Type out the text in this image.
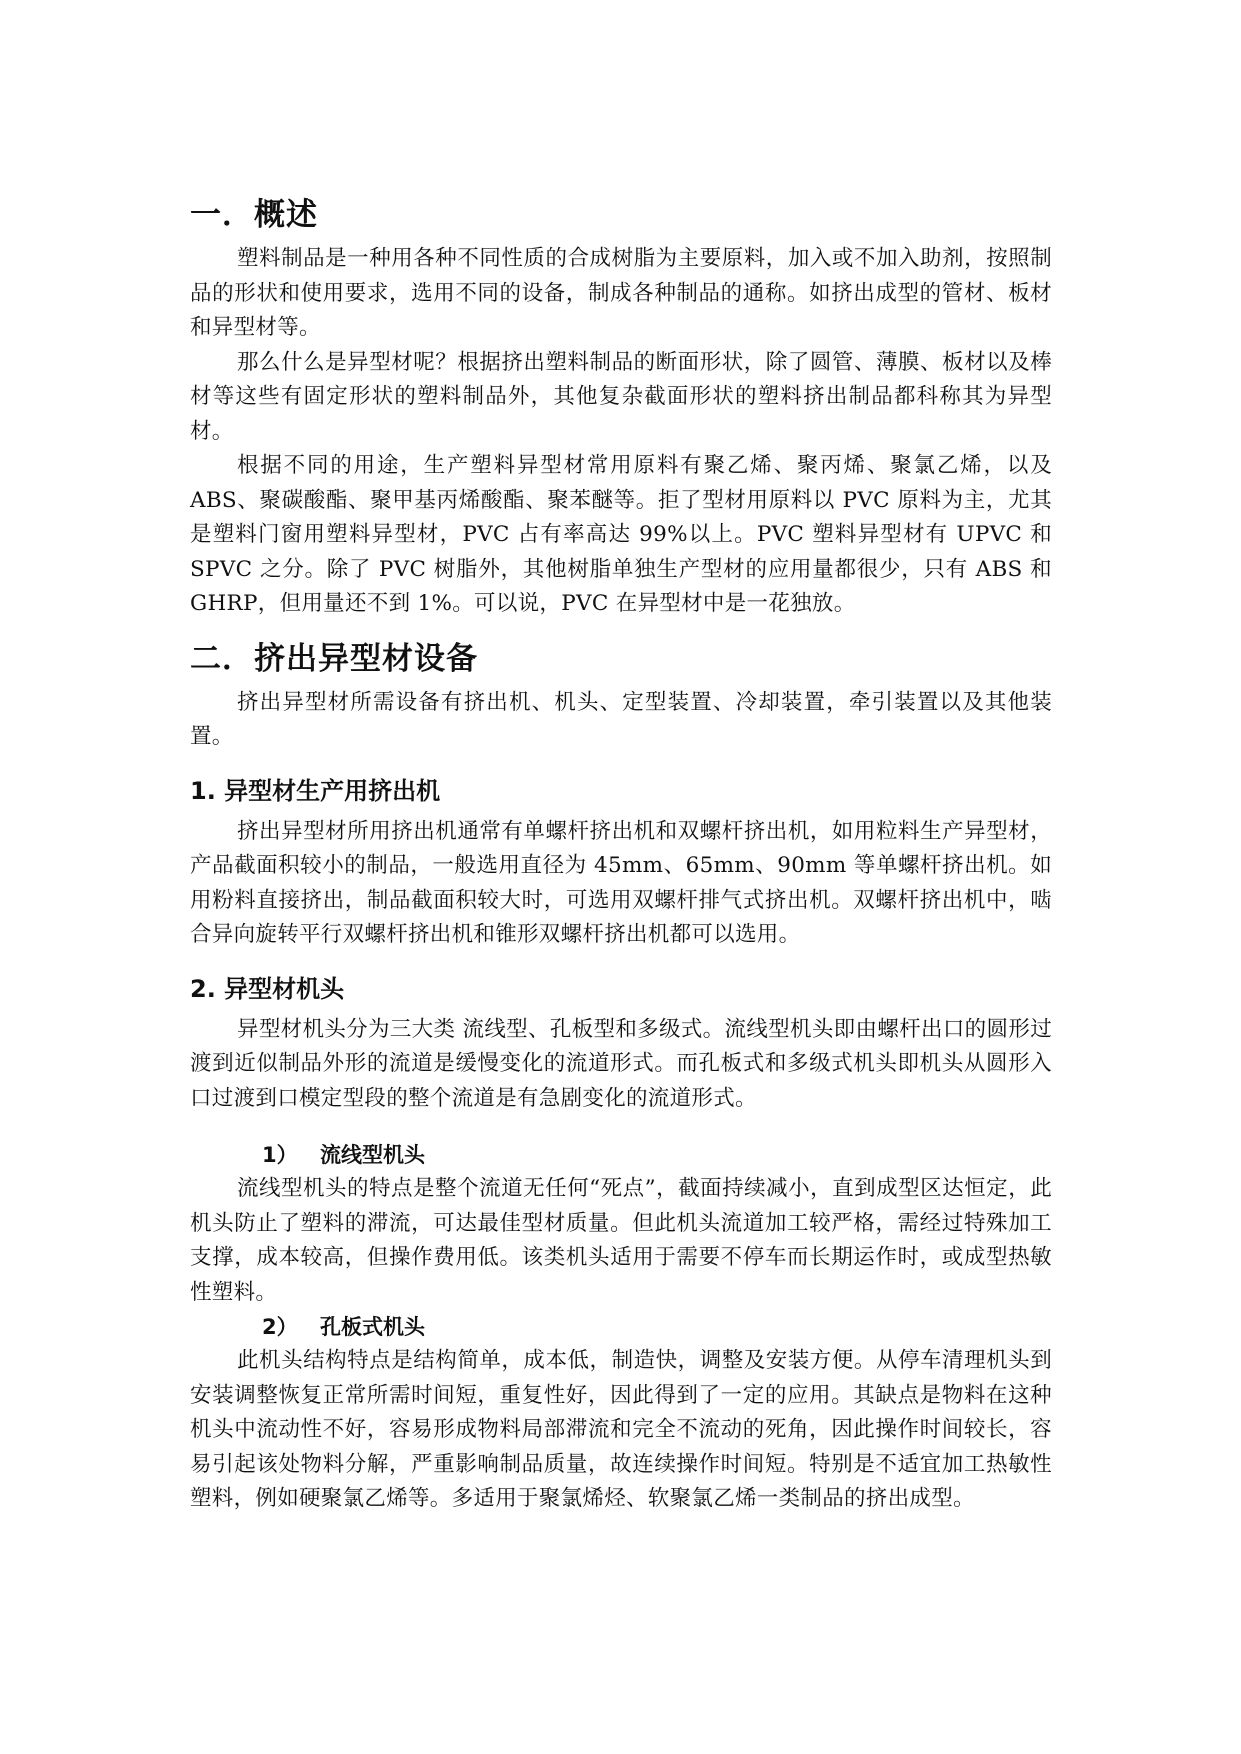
一．概述

塑料制品是一种用各种不同性质的合成树脂为主要原料，加入或不加入助剂，按照制品的形状和使用要求，选用不同的设备，制成各种制品的通称。如挤出成型的管材、板材和异型材等。

那么什么是异型材呢？根据挤出塑料制品的断面形状，除了圆管、薄膜、板材以及棒材等这些有固定形状的塑料制品外，其他复杂截面形状的塑料挤出制品都科称其为异型材。

根据不同的用途，生产塑料异型材常用原料有聚乙烯、聚丙烯、聚氯乙烯，以及 ABS、聚碳酸酯、聚甲基丙烯酸酯、聚苯醚等。拒了型材用原料以 PVC 原料为主，尤其是塑料门窗用塑料异型材，PVC 占有率高达 99%以上。PVC 塑料异型材有 UPVC 和 SPVC 之分。除了 PVC 树脂外，其他树脂单独生产型材的应用量都很少，只有 ABS 和 GHRP，但用量还不到 1%。可以说，PVC 在异型材中是一花独放。

二．挤出异型材设备

挤出异型材所需设备有挤出机、机头、定型装置、冷却装置，牵引装置以及其他装置。

1. 异型材生产用挤出机

挤出异型材所用挤出机通常有单螺杆挤出机和双螺杆挤出机，如用粒料生产异型材，产品截面积较小的制品，一般选用直径为 45mm、65mm、90mm 等单螺杆挤出机。如用粉料直接挤出，制品截面积较大时，可选用双螺杆排气式挤出机。双螺杆挤出机中，啮合异向旋转平行双螺杆挤出机和锥形双螺杆挤出机都可以选用。

2. 异型材机头

异型材机头分为三大类 流线型、孔板型和多级式。流线型机头即由螺杆出口的圆形过渡到近似制品外形的流道是缓慢变化的流道形式。而孔板式和多级式机头即机头从圆形入口过渡到口模定型段的整个流道是有急剧变化的流道形式。

1） 流线型机头

流线型机头的特点是整个流道无任何“死点”，截面持续减小，直到成型区达恒定，此机头防止了塑料的滞流，可达最佳型材质量。但此机头流道加工较严格，需经过特殊加工支撑，成本较高，但操作费用低。该类机头适用于需要不停车而长期运作时，或成型热敏性塑料。

2） 孔板式机头

此机头结构特点是结构简单，成本低，制造快，调整及安装方便。从停车清理机头到安装调整恢复正常所需时间短，重复性好，因此得到了一定的应用。其缺点是物料在这种机头中流动性不好，容易形成物料局部滞流和完全不流动的死角，因此操作时间较长，容易引起该处物料分解，严重影响制品质量，故连续操作时间短。特别是不适宜加工热敏性塑料，例如硬聚氯乙烯等。多适用于聚氯烯烃、软聚氯乙烯一类制品的挤出成型。
